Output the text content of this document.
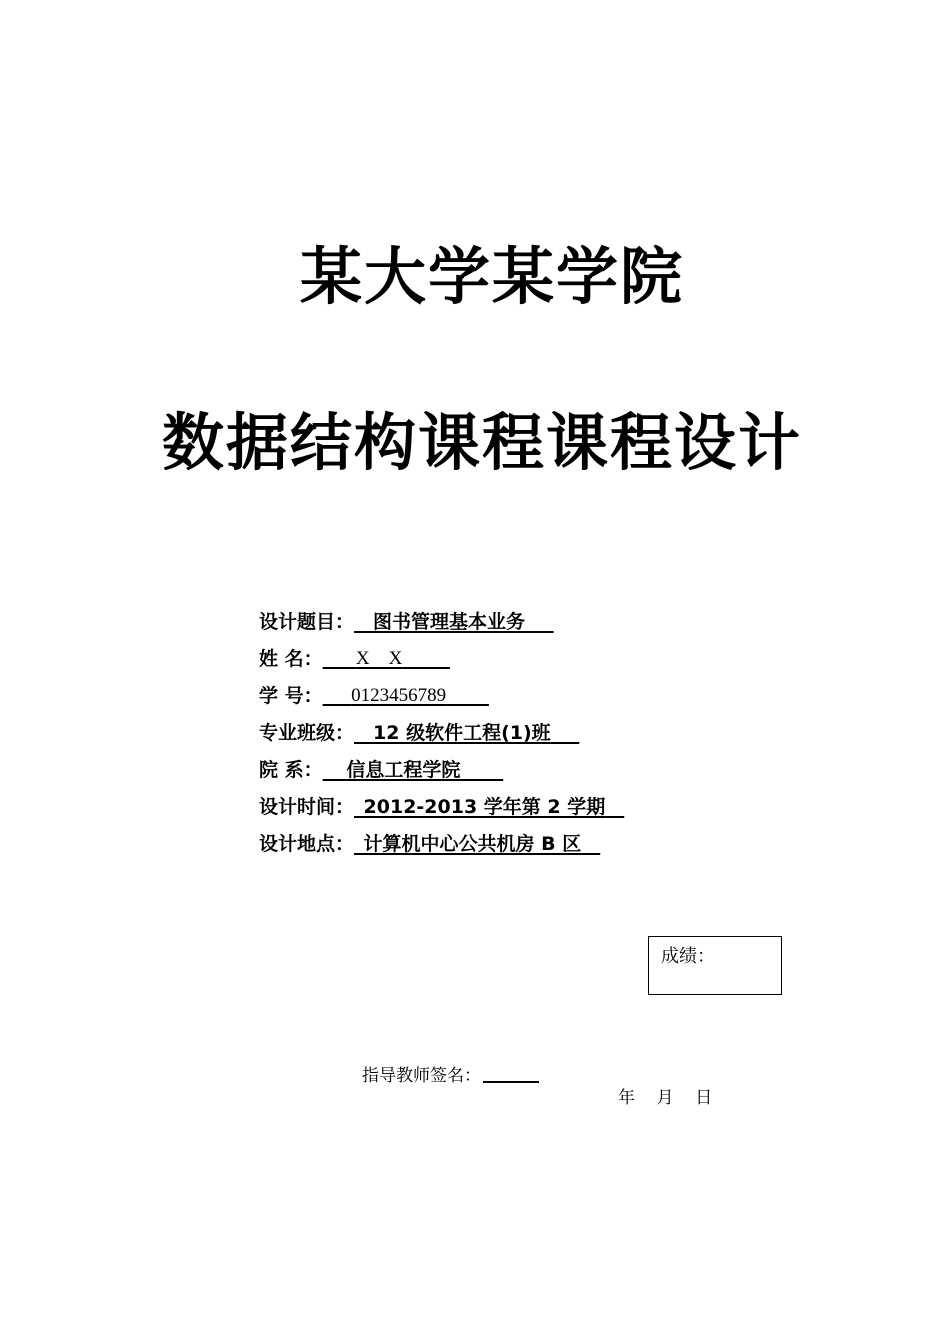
某大学某学院
数据结构课程课程设计
设计题目 ：	图书管理基本业务
姓 名 ：	X    X
学 号 ：	0123456789
专业班级 ：	12 级软件工程(1)班
院 系 ：	信息工程学院
设计时间 ： 2012-2013 学年第 2 学期
设计地点 ： 计算机中心公共机房 B 区
成绩：
指导教师签名：
年    月    日
